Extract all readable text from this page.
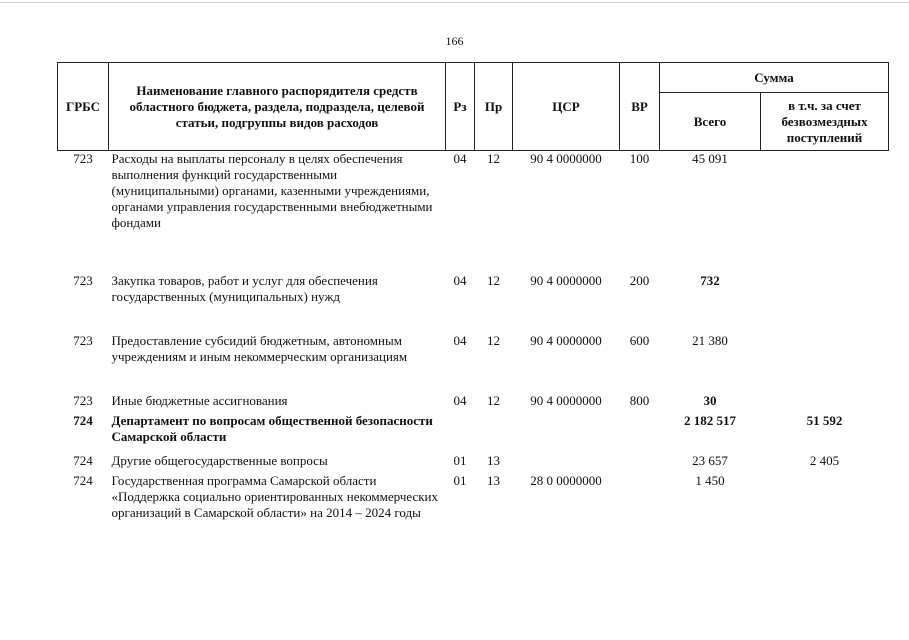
166
ГРБС	Наименование главного распорядителя средств областного бюджета, раздела, подраздела, целевой статьи, подгруппы видов расходов	Рз	Пр	ЦСР	ВР	Сумма	
						Всего	в т.ч. за счет безвозмездных поступлений
723	Расходы на выплаты персоналу в целях обеспечения выполнения функций государственными (муниципальными) органами, казенными учреждениями, органами управления государственными внебюджетными фондами	04	12	90 4 0000000	100	45 091	
723	Закупка товаров, работ и услуг для обеспечения государственных (муниципальных) нужд	04	12	90 4 0000000	200	732	
723	Предоставление субсидий бюджетным, автономным учреждениям и иным некоммерческим организациям	04	12	90 4 0000000	600	21 380	
723	Иные бюджетные ассигнования	04	12	90 4 0000000	800	30	
724	Департамент по вопросам общественной безопасности Самарской области					2 182 517	51 592
724	Другие общегосударственные вопросы	01	13			23 657	2 405
724	Государственная программа Самарской области «Поддержка социально ориентированных некоммерческих организаций в Самарской области» на 2014 – 2024 годы	01	13	28 0 0000000		1 450	
